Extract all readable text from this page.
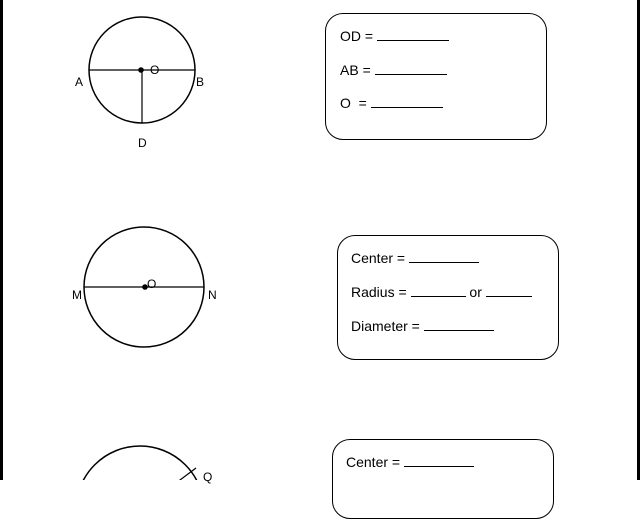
A	B
O
D
OD =
AB =
O  =
M	N
O
Center =
Radius =	or
Diameter =
Q
Center =
